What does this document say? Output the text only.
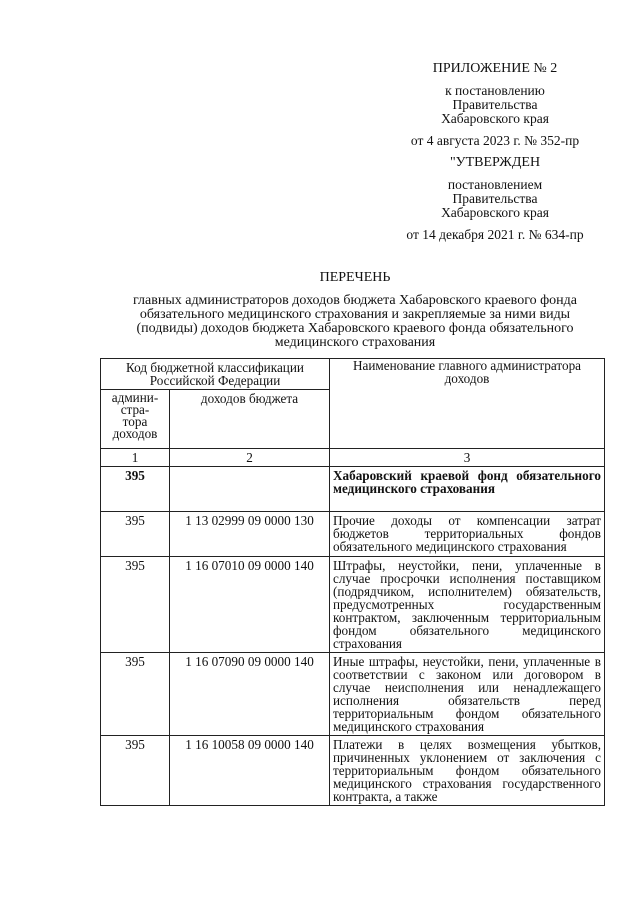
ПРИЛОЖЕНИЕ № 2
к постановлению
Правительства
Хабаровского края
от 4 августа 2023 г. № 352-пр
"УТВЕРЖДЕН
постановлением
Правительства
Хабаровского края
от 14 декабря 2021 г. № 634-пр
ПЕРЕЧЕНЬ
главных администраторов доходов бюджета Хабаровского краевого фонда
обязательного медицинского страхования и закрепляемые за ними виды
(подвиды) доходов бюджета Хабаровского краевого фонда обязательного
медицинского страхования
Код бюджетной классификации Российской Федерации		Наименование главного администратора доходов

админи-
стра-
тора
доходов	доходов бюджета	
1	2	3
395		Хабаровский краевой фонд обязательного медицинского страхования
395	1 13 02999 09 0000 130	Прочие доходы от компенсации затрат бюджетов территориальных фондов обязательного медицинского страхования
395	1 16 07010 09 0000 140	Штрафы, неустойки, пени, уплаченные в случае просрочки исполнения поставщиком (подрядчиком, исполнителем) обязательств, предусмотренных государственным контрактом, заключенным территориальным фондом обязательного медицинского страхования
395	1 16 07090 09 0000 140	Иные штрафы, неустойки, пени, уплаченные в соответствии с законом или договором в случае неисполнения или ненадлежащего исполнения обязательств перед территориальным фондом обязательного медицинского страхования
395	1 16 10058 09 0000 140	Платежи в целях возмещения убытков, причиненных уклонением от заключения с территориальным фондом обязательного медицинского страхования государственного контракта, а также
